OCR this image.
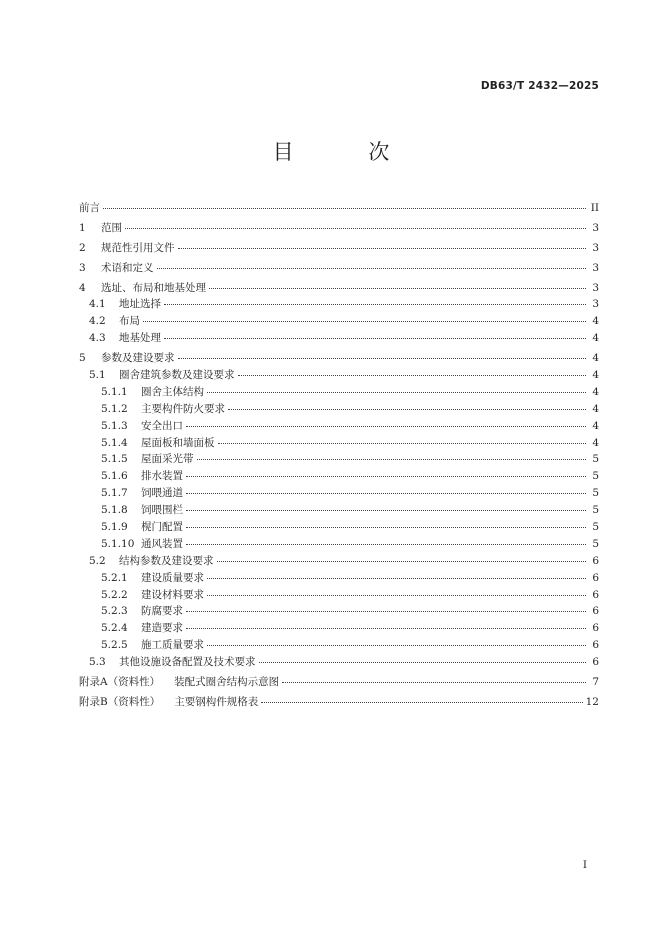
DB63/T 2432—2025
目 次
前言	II
1 范围	3
2 规范性引用文件	3
3 术语和定义	3
4 选址、布局和地基处理	3
4.1 地址选择	3
4.2 布局	4
4.3 地基处理	4
5 参数及建设要求	4
5.1 圈舍建筑参数及建设要求	4
5.1.1 圈舍主体结构	4
5.1.2 主要构件防火要求	4
5.1.3 安全出口	4
5.1.4 屋面板和墙面板	4
5.1.5 屋面采光带	5
5.1.6 排水装置	5
5.1.7 饲喂通道	5
5.1.8 饲喂围栏	5
5.1.9 榥门配置	5
5.1.10 通风装置	5
5.2 结构参数及建设要求	6
5.2.1 建设质量要求	6
5.2.2 建设材料要求	6
5.2.3 防腐要求	6
5.2.4 建造要求	6
5.2.5 施工质量要求	6
5.3 其他设施设备配置及技术要求	6
附录A（资料性） 装配式圈舍结构示意图	7
附录B（资料性） 主要钢构件规格表	12
I
